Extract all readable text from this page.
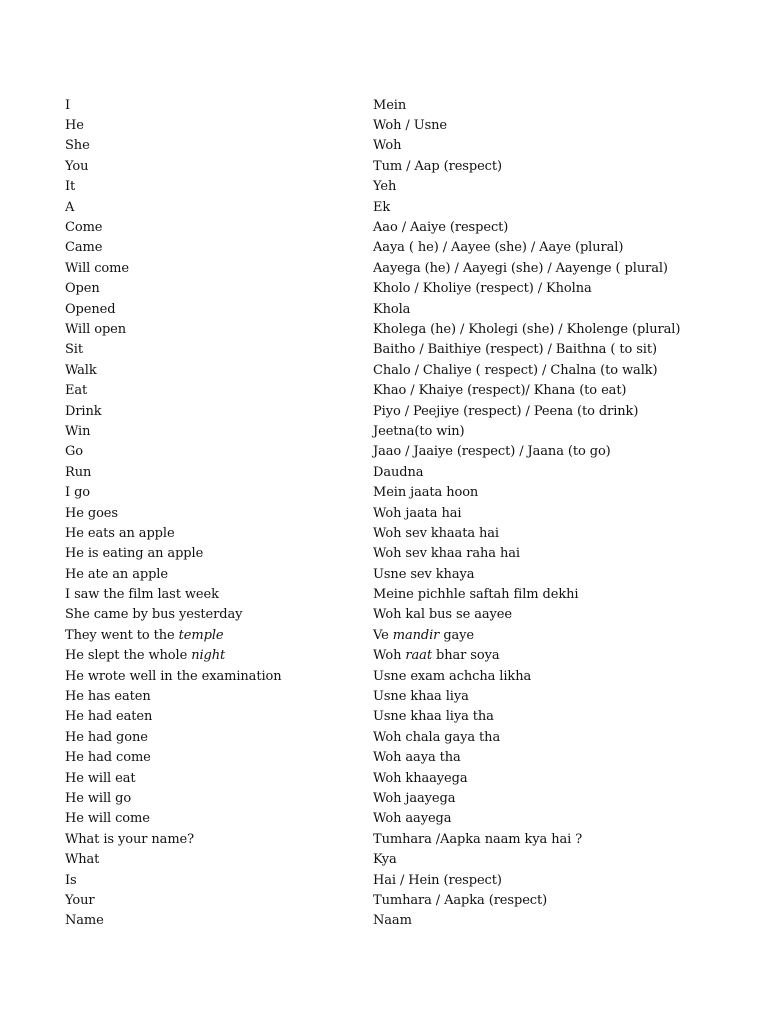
I	Mein
He	Woh / Usne
She	Woh
You	Tum / Aap (respect)
It	Yeh
A	Ek
Come	Aao / Aaiye (respect)
Came	Aaya ( he) / Aayee (she) / Aaye (plural)
Will come	Aayega (he) / Aayegi (she) / Aayenge ( plural)
Open	Kholo / Kholiye (respect) / Kholna
Opened	Khola
Will open	Kholega (he) / Kholegi (she) / Kholenge (plural)
Sit	Baitho / Baithiye (respect) / Baithna ( to sit)
Walk	Chalo / Chaliye ( respect) / Chalna (to walk)
Eat	Khao / Khaiye (respect)/ Khana (to eat)
Drink	Piyo / Peejiye (respect) / Peena (to drink)
Win	Jeetna(to win)
Go	Jaao / Jaaiye (respect) / Jaana (to go)
Run	Daudna
I go	Mein jaata hoon
He goes	Woh jaata hai
He eats an apple	Woh sev khaata hai
He is eating an apple	Woh sev khaa raha hai
He ate an apple	Usne sev khaya
I saw the film last week	Meine pichhle saftah film dekhi
She came by bus yesterday	Woh kal bus se aayee
They went to the temple	Ve mandir gaye
He slept the whole night	Woh raat bhar soya
He wrote well in the examination	Usne exam achcha likha
He has eaten	Usne khaa liya
He had eaten	Usne khaa liya tha
He had gone	Woh chala gaya tha
He had come	Woh aaya tha
He will eat	Woh khaayega
He will go	Woh jaayega
He will come	Woh aayega
What is your name?	Tumhara /Aapka naam kya hai ?
What	Kya
Is	Hai / Hein (respect)
Your	Tumhara / Aapka (respect)
Name	Naam
